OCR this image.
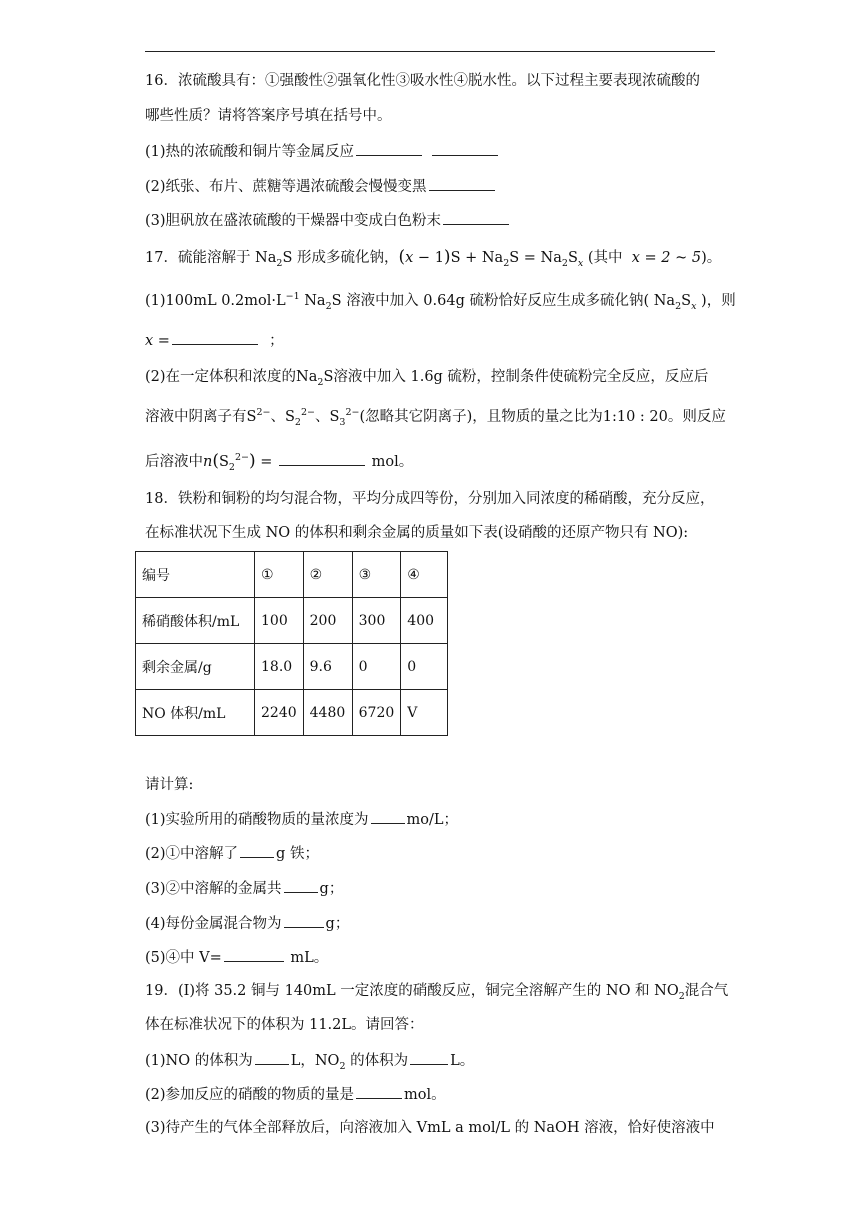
16．浓硫酸具有：①强酸性②强氧化性③吸水性④脱水性。以下过程主要表现浓硫酸的
哪些性质？请将答案序号填在括号中。
(1)热的浓硫酸和铜片等金属反应
(2)纸张、布片、蔗糖等遇浓硫酸会慢慢变黑
(3)胆矾放在盛浓硫酸的干燥器中变成白色粉末
17．硫能溶解于 $Na_2S$ 形成多硫化钠，$(x - 1)S + Na_2S = Na_2S_x$ (其中 x = 2 ~ 5)。
(1)100mL $0.2mol\cdot L^{-1}$ $Na_2S$ 溶液中加入 0.64g 硫粉恰好反应生成多硫化钠( $Na_2S_x$ )，则
x =	；
(2)在一定体积和浓度的$Na_2S$溶液中加入 1.6g 硫粉，控制条件使硫粉完全反应，反应后
溶液中阴离子有$S^{2-}$、$S_2^{2-}$、$S_3^{2-}$(忽略其它阴离子)，且物质的量之比为1:10 : 20。则反应
后溶液中$n(S_2^{2-})$ =	mol。
18．铁粉和铜粉的均匀混合物，平均分成四等份，分别加入同浓度的稀硝酸，充分反应，
在标准状况下生成 NO 的体积和剩余金属的质量如下表(设硝酸的还原产物只有 NO):
编号	①	②	③	④
稀硝酸体积/mL	100	200	300	400
剩余金属/g	18.0	9.6	0	0
NO 体积/mL	2240	4480	6720	V
请计算:
(1)实验所用的硝酸物质的量浓度为	mo/L；
(2)①中溶解了	g 铁；
(3)②中溶解的金属共	g；
(4)每份金属混合物为	g；
(5)④中 V=	mL。
19．(I)将 35.2 铜与 140mL 一定浓度的硝酸反应，铜完全溶解产生的 NO 和 $NO_2$混合气
体在标准状况下的体积为 11.2L。请回答：
(1)NO 的体积为	L，$NO_2$ 的体积为	L。
(2)参加反应的硝酸的物质的量是	mol。
(3)待产生的气体全部释放后，向溶液加入 VmL a mol/L 的 NaOH 溶液，恰好使溶液中
